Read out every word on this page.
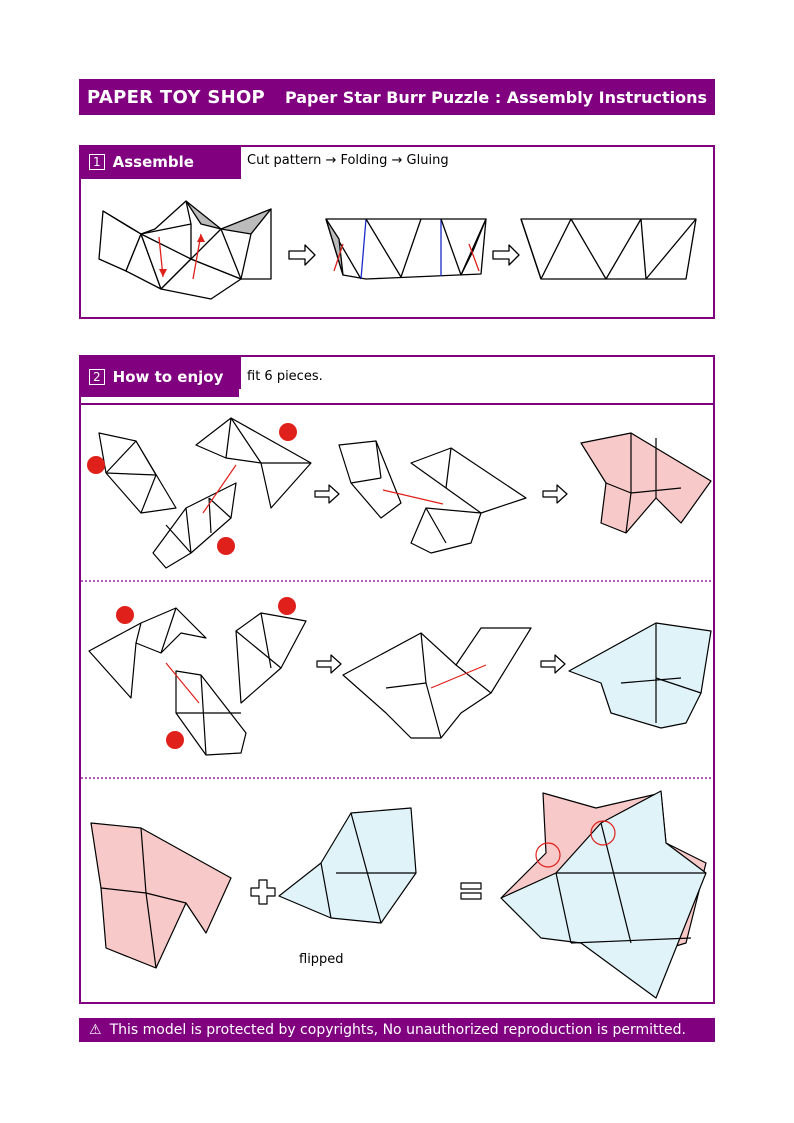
PAPER TOY SHOP Paper Star Burr Puzzle : Assembly Instructions
1 Assemble	Cut pattern → Folding → Gluing
2 How to enjoy fit 6 pieces.
flipped
⚠ This model is protected by copyrights, No unauthorized reproduction is permitted.
